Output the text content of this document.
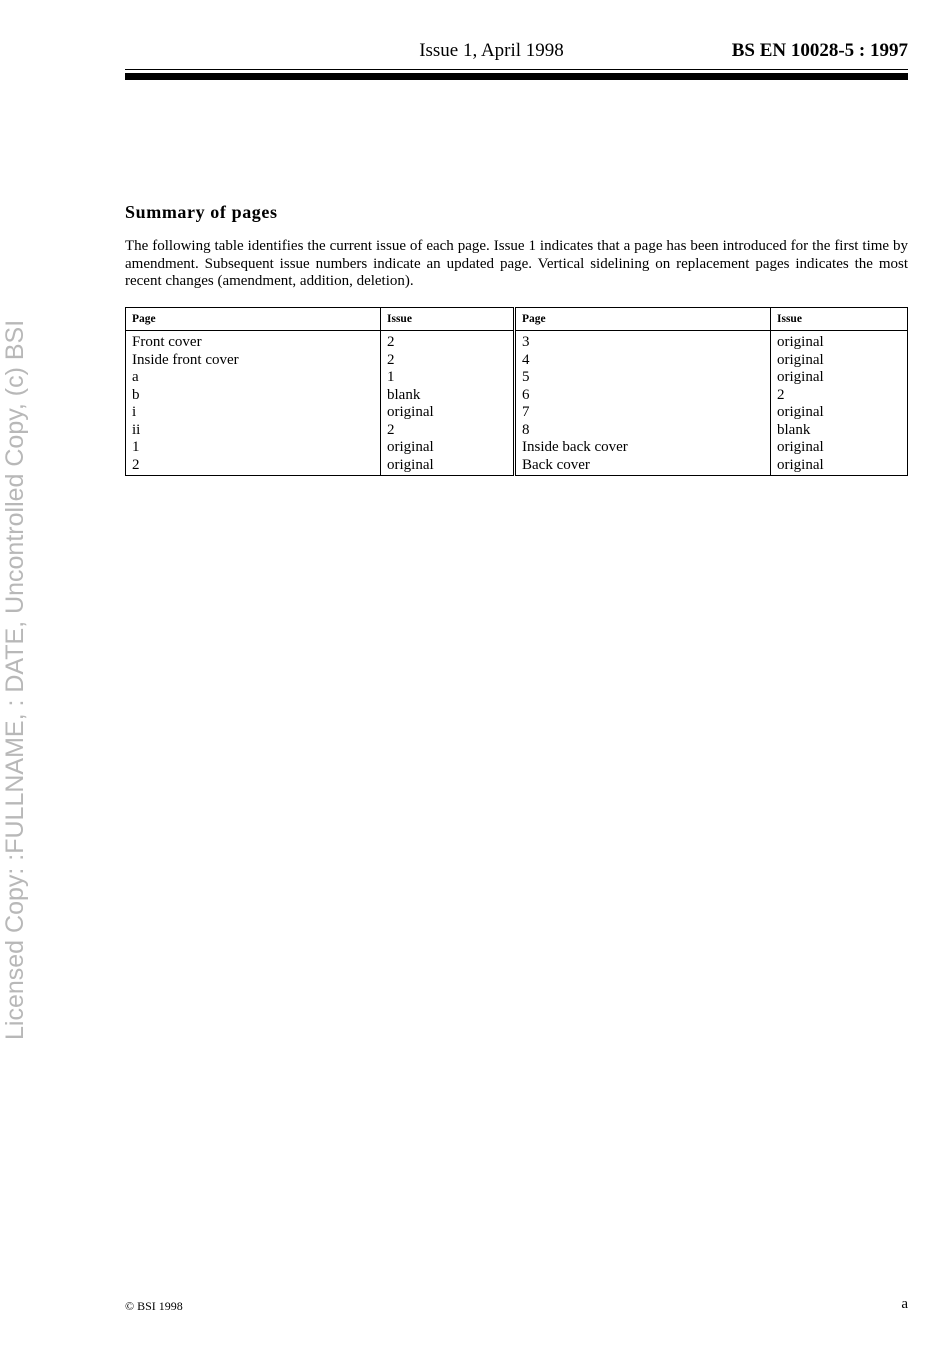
Issue 1, April 1998	BS EN 10028-5 : 1997
Licensed Copy: :FULLNAME, : DATE, Uncontrolled Copy, (c) BSI
Summary of pages

The following table identifies the current issue of each page. Issue 1 indicates that a page has been introduced for the first time by amendment. Subsequent issue numbers indicate an updated page. Vertical sidelining on replacement pages indicates the most recent changes (amendment, addition, deletion).

Page	Issue	Page	Issue
Front cover	2	3	original
Inside front cover	2	4	original
a	1	5	original
b	blank	6	2
i	original	7	original
ii	2	8	blank
1	original	Inside back cover	original
2	original	Back cover	original
© BSI 1998	a
